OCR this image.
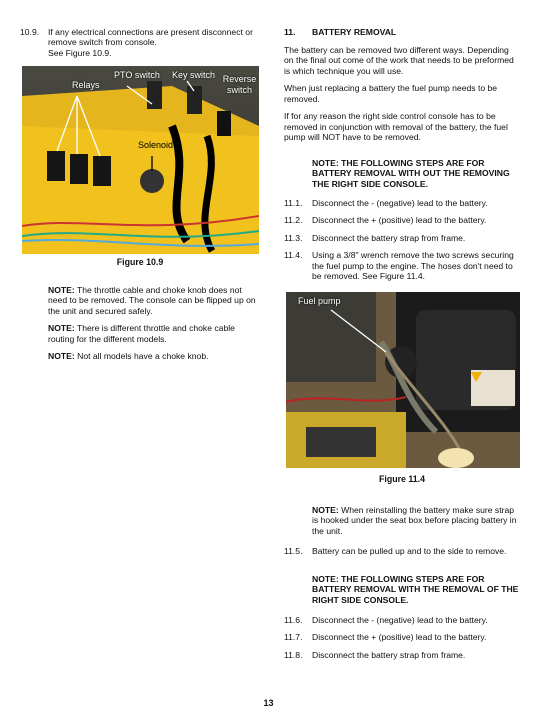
10.9.	If any electrical connections are present disconnect or remove switch from console.

See Figure 10.9.

Relays
PTO switch Key switch Reverse switch
Solenoid

Figure 10.9

NOTE: The throttle cable and choke knob does not need to be removed. The console can be flipped up on the unit and secured safely.

NOTE: There is different throttle and choke cable routing for the different models.

NOTE: Not all models have a choke knob.

11.	BATTERY REMOVAL

The battery can be removed two different ways. Depending on the final out come of the work that needs to be preformed is which technique you will use.

When just replacing a battery the fuel pump needs to be removed.

If for any reason the right side control console has to be removed in conjunction with removal of the battery, the fuel pump will NOT have to be removed.

NOTE: THE FOLLOWING STEPS ARE FOR BATTERY REMOVAL WITH OUT THE REMOVING THE RIGHT SIDE CONSOLE.

11.1.	Disconnect the - (negative) lead to the battery.
11.2.	Disconnect the + (positive) lead to the battery.
11.3.	Disconnect the battery strap from frame.
11.4.	Using a 3/8" wrench remove the two screws securing the fuel pump to the engine. The hoses don't need to be removed. See Figure 11.4.
Fuel pump

Figure 11.4

NOTE: When reinstalling the battery make sure strap is hooked under the seat box before placing battery in the unit.

11.5.	Battery can be pulled up and to the side to remove.

NOTE: THE FOLLOWING STEPS ARE FOR BATTERY REMOVAL WITH THE REMOVAL OF THE RIGHT SIDE CONSOLE.

11.6.	Disconnect the - (negative) lead to the battery.
11.7.	Disconnect the + (positive) lead to the battery.
11.8.	Disconnect the battery strap from frame.
13
